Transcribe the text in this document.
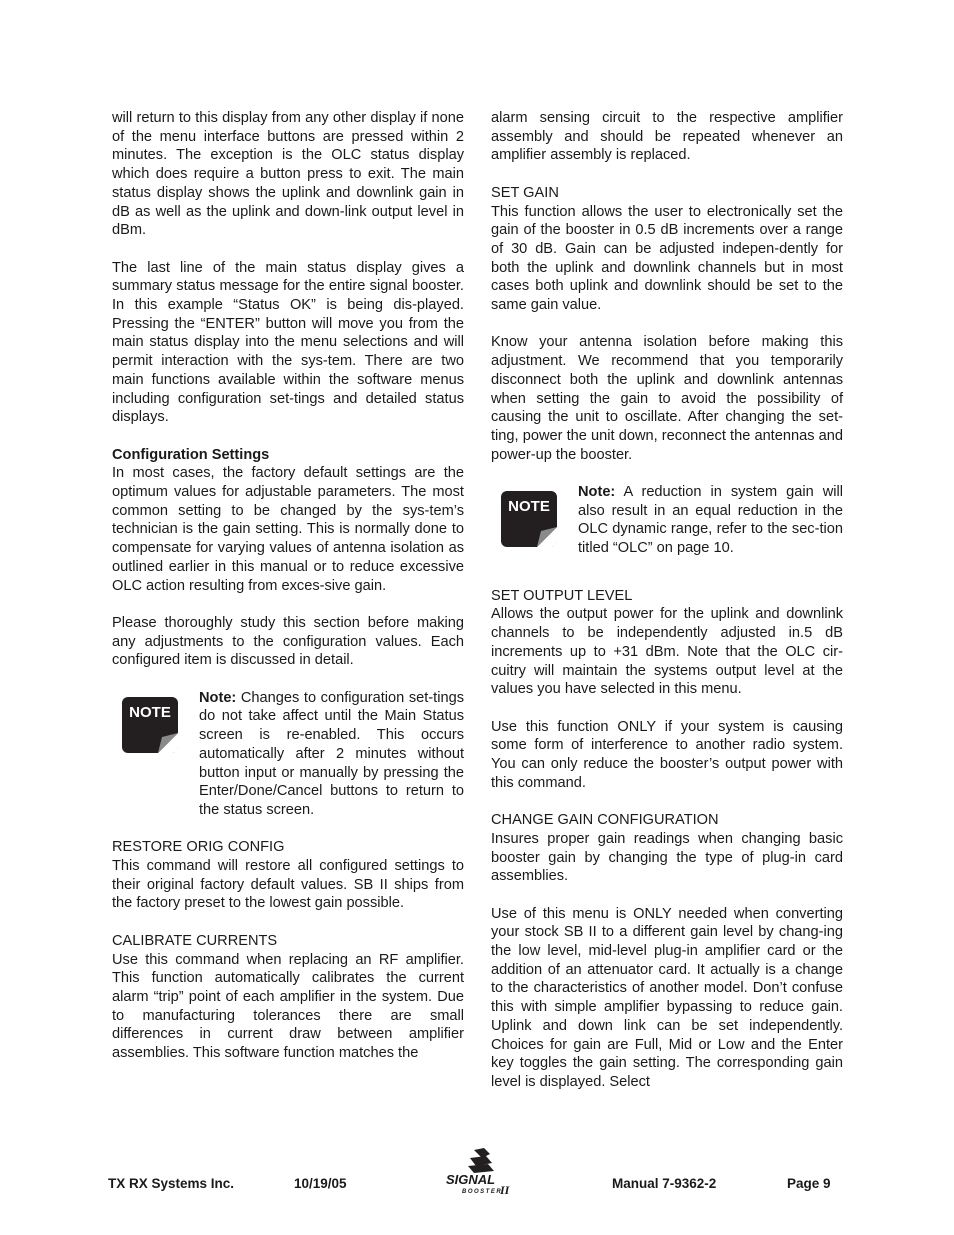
will return to this display from any other display if none of the menu interface buttons are pressed within 2 minutes. The exception is the OLC status display which does require a button press to exit. The main status display shows the uplink and downlink gain in dB as well as the uplink and down-link output level in dBm.

The last line of the main status display gives a summary status message for the entire signal booster. In this example “Status OK” is being dis-played. Pressing the “ENTER” button will move you from the main status display into the menu selections and will permit interaction with the sys-tem. There are two main functions available within the software menus including configuration set-tings and detailed status displays.

Configuration Settings

In most cases, the factory default settings are the optimum values for adjustable parameters. The most common setting to be changed by the sys-tem’s technician is the gain setting. This is normally done to compensate for varying values of antenna isolation as outlined earlier in this manual or to reduce excessive OLC action resulting from exces-sive gain.

Please thoroughly study this section before making any adjustments to the configuration values. Each configured item is discussed in detail.

NOTE
Note: Changes to configuration set-tings do not take affect until the Main Status screen is re-enabled. This occurs automatically after 2 minutes without button input or manually by pressing the Enter/Done/Cancel buttons to return to the status screen.

RESTORE ORIG CONFIG

This command will restore all configured settings to their original factory default values. SB II ships from the factory preset to the lowest gain possible.

CALIBRATE CURRENTS

Use this command when replacing an RF amplifier. This function automatically calibrates the current alarm “trip” point of each amplifier in the system. Due to manufacturing tolerances there are small differences in current draw between amplifier assemblies. This software function matches the

alarm sensing circuit to the respective amplifier assembly and should be repeated whenever an amplifier assembly is replaced.

SET GAIN

This function allows the user to electronically set the gain of the booster in 0.5 dB increments over a range of 30 dB. Gain can be adjusted indepen-dently for both the uplink and downlink channels but in most cases both uplink and downlink should be set to the same gain value.

Know your antenna isolation before making this adjustment. We recommend that you temporarily disconnect both the uplink and downlink antennas when setting the gain to avoid the possibility of causing the unit to oscillate. After changing the set-ting, power the unit down, reconnect the antennas and power-up the booster.

NOTE
Note: A reduction in system gain will also result in an equal reduction in the OLC dynamic range, refer to the sec-tion titled “OLC” on page 10.

SET OUTPUT LEVEL

Allows the output power for the uplink and downlink channels to be independently adjusted in.5 dB increments up to +31 dBm. Note that the OLC cir-cuitry will maintain the systems output level at the values you have selected in this menu.

Use this function ONLY if your system is causing some form of interference to another radio system. You can only reduce the booster’s output power with this command.

CHANGE GAIN CONFIGURATION

Insures proper gain readings when changing basic booster gain by changing the type of plug-in card assemblies.

Use of this menu is ONLY needed when converting your stock SB II to a different gain level by chang-ing the low level, mid-level plug-in amplifier card or the addition of an attenuator card. It actually is a change to the characteristics of another model. Don’t confuse this with simple amplifier bypassing to reduce gain. Uplink and down link can be set independently. Choices for gain are Full, Mid or Low and the Enter key toggles the gain setting. The corresponding gain level is displayed. Select

SIGNAL
BOOSTER
II
TX RX Systems Inc.	10/19/05	Manual 7-9362-2	Page 9
